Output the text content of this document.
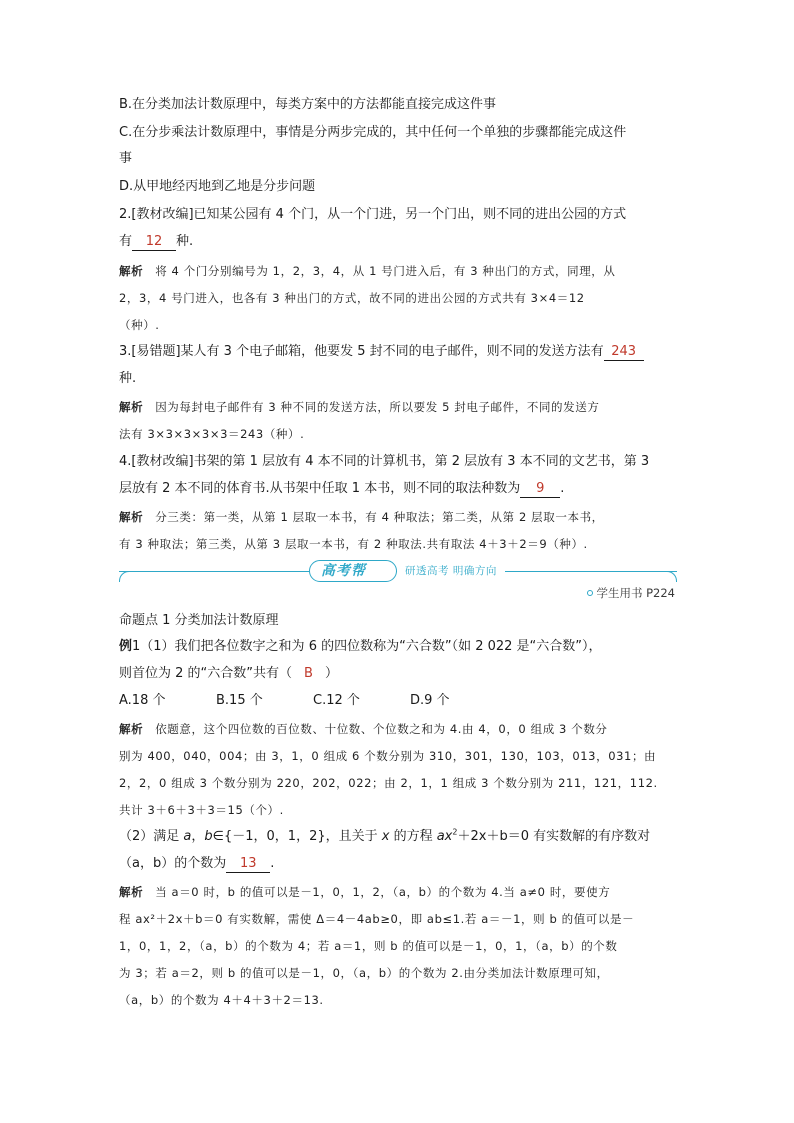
B.在分类加法计数原理中，每类方案中的方法都能直接完成这件事
C.在分步乘法计数原理中，事情是分两步完成的，其中任何一个单独的步骤都能完成这件
事
D.从甲地经丙地到乙地是分步问题
2.[教材改编]已知某公园有 4 个门，从一个门进，另一个门出，则不同的进出公园的方式
有 12 种.
解析 将 4 个门分别编号为 1，2，3，4，从 1 号门进入后，有 3 种出门的方式，同理，从
2，3，4 号门进入，也各有 3 种出门的方式，故不同的进出公园的方式共有 3×4＝12
（种）.
3.[易错题]某人有 3 个电子邮箱，他要发 5 封不同的电子邮件，则不同的发送方法有 243
种.
解析 因为每封电子邮件有 3 种不同的发送方法，所以要发 5 封电子邮件，不同的发送方
法有 3×3×3×3×3＝243（种）.
4.[教材改编]书架的第 1 层放有 4 本不同的计算机书，第 2 层放有 3 本不同的文艺书，第 3
层放有 2 本不同的体育书.从书架中任取 1 本书，则不同的取法种数为 9 .
解析 分三类：第一类，从第 1 层取一本书，有 4 种取法；第二类，从第 2 层取一本书，
有 3 种取法；第三类，从第 3 层取一本书，有 2 种取法.共有取法 4＋3＋2＝9（种）.
高考帮	研透高考 明确方向
学生用书 P224
命题点 1 分类加法计数原理
例1（1）我们把各位数字之和为 6 的四位数称为“六合数”（如 2 022 是“六合数”），
则首位为 2 的“六合数”共有（ B ）
A.18 个	B.15 个	C.12 个	D.9 个
解析 依题意，这个四位数的百位数、十位数、个位数之和为 4.由 4，0，0 组成 3 个数分
别为 400，040，004；由 3，1，0 组成 6 个数分别为 310，301，130，103，013，031；由
2，2，0 组成 3 个数分别为 220，202，022；由 2，1，1 组成 3 个数分别为 211，121，112.
共计 3＋6＋3＋3＝15（个）.
（2）满足 a，b∈{－1，0，1，2}，且关于 x 的方程 $ax^2+2x+b=0$ 有实数解的有序数对
（a，b）的个数为 13 .
解析 当 a＝0 时，b 的值可以是－1，0，1，2，（a，b）的个数为 4.当 a≠0 时，要使方
程 ax²＋2x＋b＝0 有实数解，需使 Δ＝4－4ab≥0，即 ab≤1.若 a＝－1，则 b 的值可以是－
1，0，1，2，（a，b）的个数为 4；若 a＝1，则 b 的值可以是－1，0，1，（a，b）的个数
为 3；若 a＝2，则 b 的值可以是－1，0，（a，b）的个数为 2.由分类加法计数原理可知，
（a，b）的个数为 4＋4＋3＋2＝13.
